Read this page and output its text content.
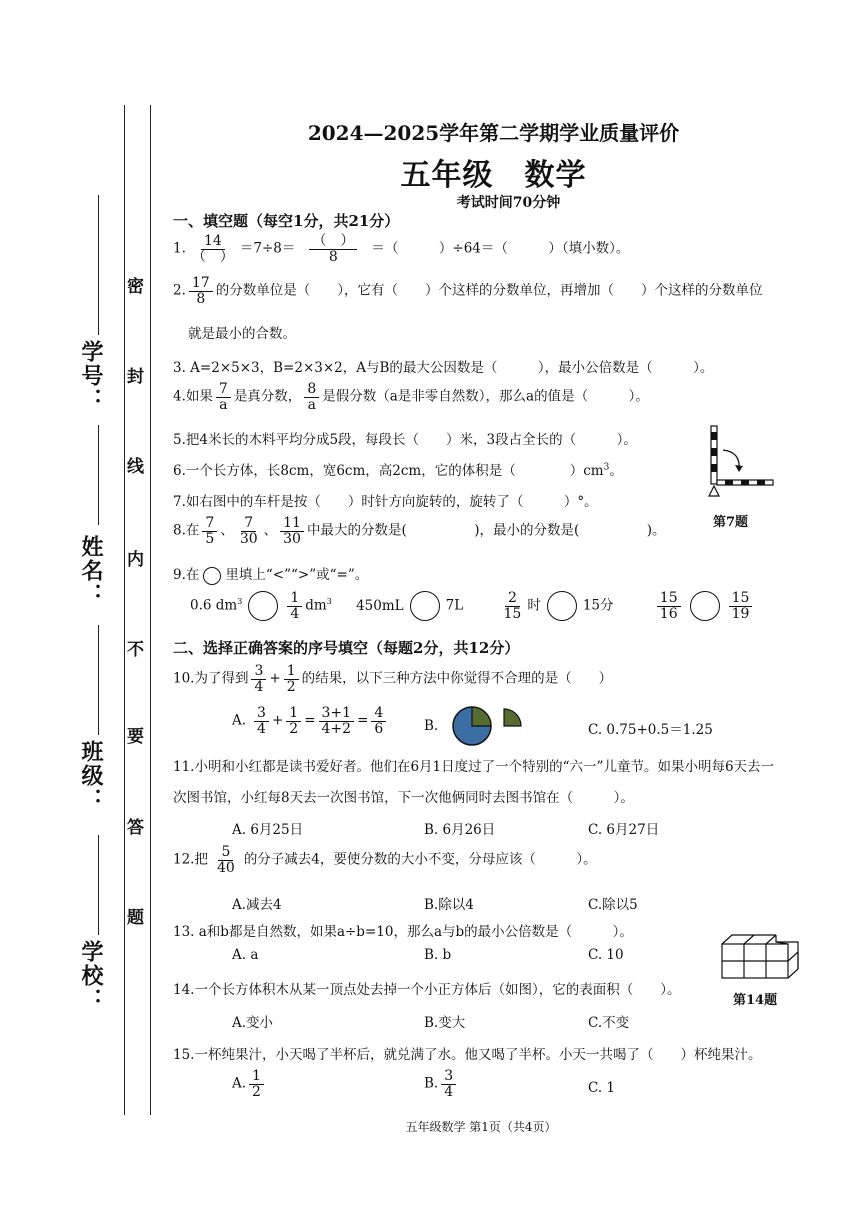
学号：
姓名：
班级：
学校：
密
封
线
内
不
要
答
题
2024—2025学年第二学期学业质量评价
五年级　数学
考试时间70分钟
一、填空题（每空1分，共21分）
1. $\frac{14}{( )} =7\div 8= \frac{( )}{8}$ ＝（　　　）÷64＝（　　　）（填小数）。
2. $\frac{17}{8}$ 的分数单位是（　　），它有（　　）个这样的分数单位，再增加（　　）个这样的分数单位
就是最小的合数。
3. A=2×5×3，B=2×3×2，A与B的最大公因数是（　　　），最小公倍数是（　　　）。
4.如果 $\frac{7}{a}$ 是真分数， $\frac{8}{a}$ 是假分数（a是非零自然数），那么a的值是（　　　）。
5.把4米长的木料平均分成5段，每段长（　　）米，3段占全长的（　　　）。
6.一个长方体，长8cm，宽6cm，高2cm，它的体积是（　　　　）$cm^3$。
7.如右图中的车杆是按（　　）时针方向旋转的，旋转了（　　　）°。
第7题
8.在 $\frac{7}{5}$ 、 $\frac{7}{30}$ 、 $\frac{11}{30}$ 中最大的分数是(　　　　　)，最小的分数是(　　　　　)。
9.在 里填上“<”“>”或“=”。
0.6 $dm^3$	$\frac{1}{4} dm^3$ 450mL	7L	$\frac{2}{15}$ 时	15分	$\frac{15}{16}$	$\frac{15}{19}$
二、选择正确答案的序号填空（每题2分，共12分）
10.为了得到 $\frac{3}{4} + \frac{1}{2}$ 的结果，以下三种方法中你觉得不合理的是（　　）
A. $\frac{3}{4} + \frac{1}{2} = \frac{3+1}{4+2} = \frac{4}{6}$	B.	C. 0.75+0.5＝1.25
11.小明和小红都是读书爱好者。他们在6月1日度过了一个特别的“六一”儿童节。如果小明每6天去一
次图书馆，小红每8天去一次图书馆，下一次他俩同时去图书馆在（　　　）。
A. 6月25日	B. 6月26日	C. 6月27日
12.把 $\frac{5}{40}$ 的分子减去4，要使分数的大小不变，分母应该（　　　）。
A.减去4	B.除以4	C.除以5
13. a和b都是自然数，如果a÷b=10，那么a与b的最小公倍数是（　　　）。
A. a	B. b	C. 10
第14题
14.一个长方体积木从某一顶点处去掉一个小正方体后（如图），它的表面积（　　）。
A.变小	B.变大	C.不变
15.一杯纯果汁，小天喝了半杯后，就兑满了水。他又喝了半杯。小天一共喝了（　　）杯纯果汁。
A. $\frac{1}{2}$	B. $\frac{3}{4}$	C. 1
五年级数学 第1页（共4页）
